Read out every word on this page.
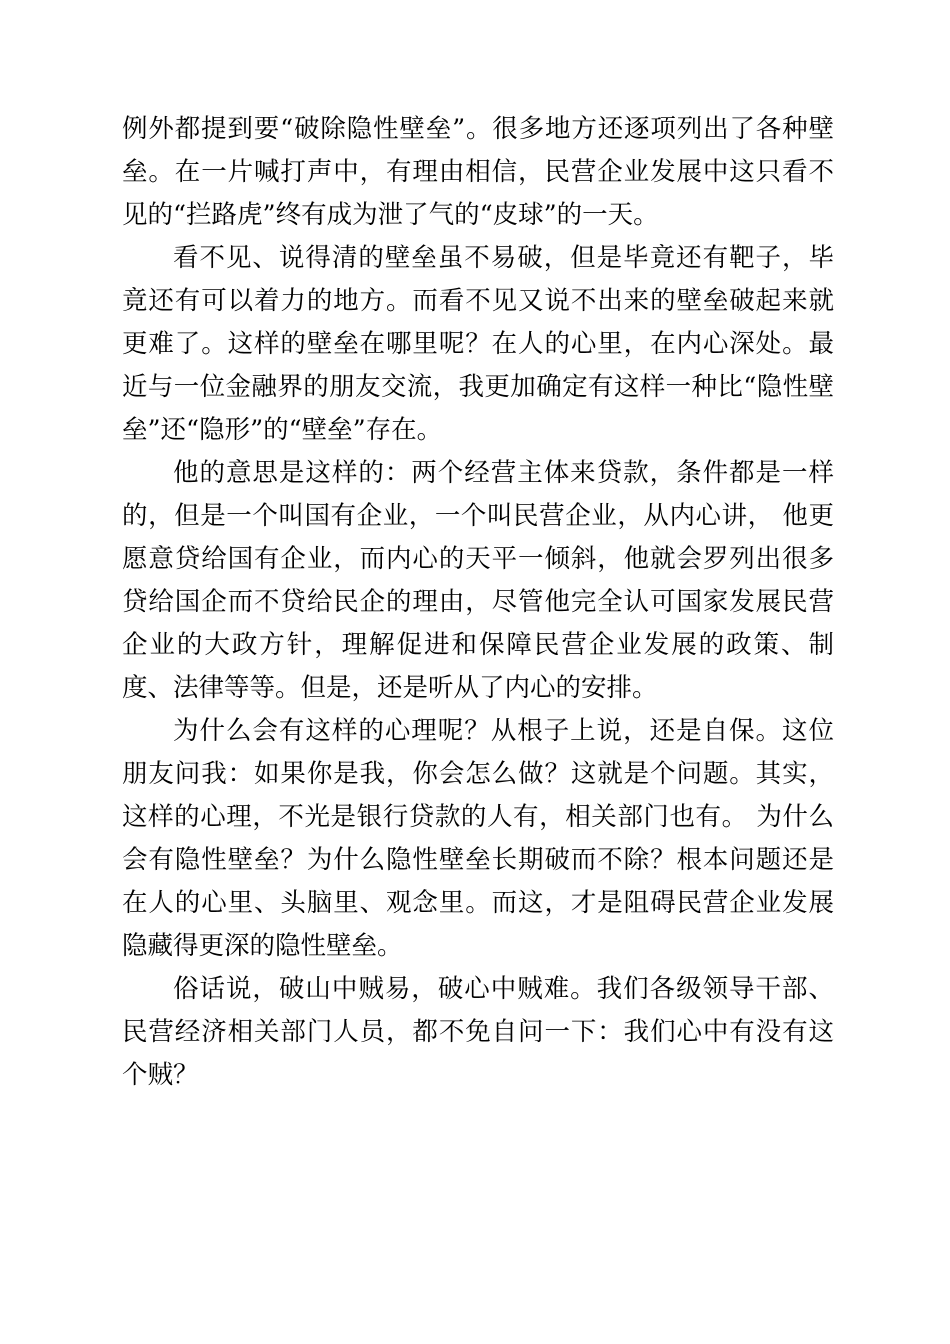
例外都提到要“破除隐性壁垒”。很多地方还逐项列出了各种壁垒。在一片喊打声中，有理由相信，民营企业发展中这只看不见的“拦路虎”终有成为泄了气的“皮球”的一天。

看不见、说得清的壁垒虽不易破，但是毕竟还有靶子，毕竟还有可以着力的地方。而看不见又说不出来的壁垒破起来就更难了。这样的壁垒在哪里呢？在人的心里，在内心深处。最近与一位金融界的朋友交流，我更加确定有这样一种比“隐性壁垒”还“隐形”的“壁垒”存在。

他的意思是这样的：两个经营主体来贷款，条件都是一样的，但是一个叫国有企业，一个叫民营企业，从内心讲， 他更愿意贷给国有企业，而内心的天平一倾斜，他就会罗列出很多贷给国企而不贷给民企的理由，尽管他完全认可国家发展民营企业的大政方针，理解促进和保障民营企业发展的政策、制度、法律等等。但是，还是听从了内心的安排。

为什么会有这样的心理呢？从根子上说，还是自保。这位朋友问我：如果你是我，你会怎么做？这就是个问题。其实，这样的心理，不光是银行贷款的人有，相关部门也有。 为什么会有隐性壁垒？为什么隐性壁垒长期破而不除？根本问题还是在人的心里、头脑里、观念里。而这，才是阻碍民营企业发展隐藏得更深的隐性壁垒。

俗话说，破山中贼易，破心中贼难。我们各级领导干部、民营经济相关部门人员，都不免自问一下：我们心中有没有这个贼？
